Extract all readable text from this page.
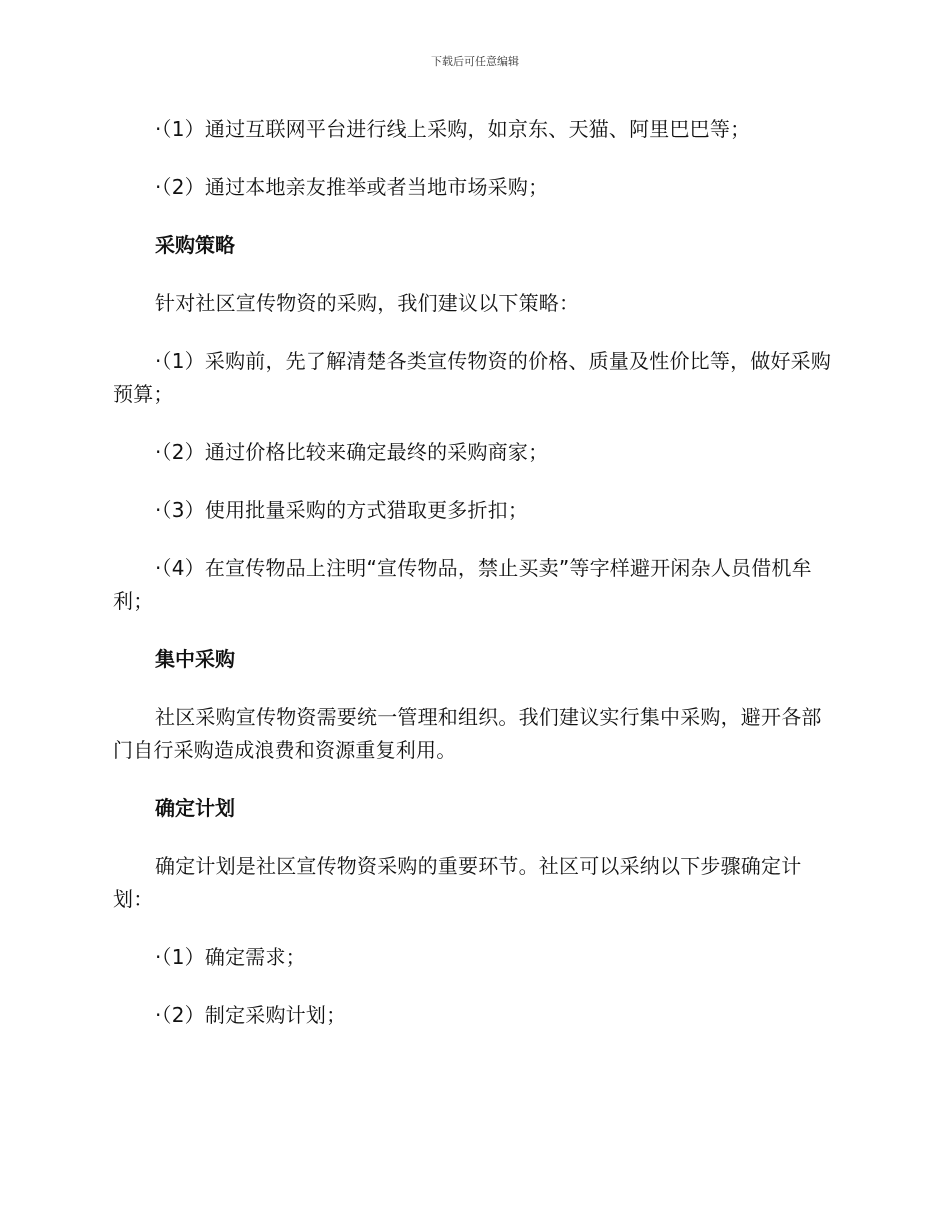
下载后可任意编辑

·（1）通过互联网平台进行线上采购，如京东、天猫、阿里巴巴等；

·（2）通过本地亲友推举或者当地市场采购；

采购策略

针对社区宣传物资的采购，我们建议以下策略：

·（1）采购前，先了解清楚各类宣传物资的价格、质量及性价比等，做好采购预算；

·（2）通过价格比较来确定最终的采购商家；

·（3）使用批量采购的方式猎取更多折扣；

·（4）在宣传物品上注明“宣传物品，禁止买卖”等字样避开闲杂人员借机牟利；

集中采购

社区采购宣传物资需要统一管理和组织。我们建议实行集中采购，避开各部门自行采购造成浪费和资源重复利用。

确定计划

确定计划是社区宣传物资采购的重要环节。社区可以采纳以下步骤确定计划：

·（1）确定需求；

·（2）制定采购计划；
